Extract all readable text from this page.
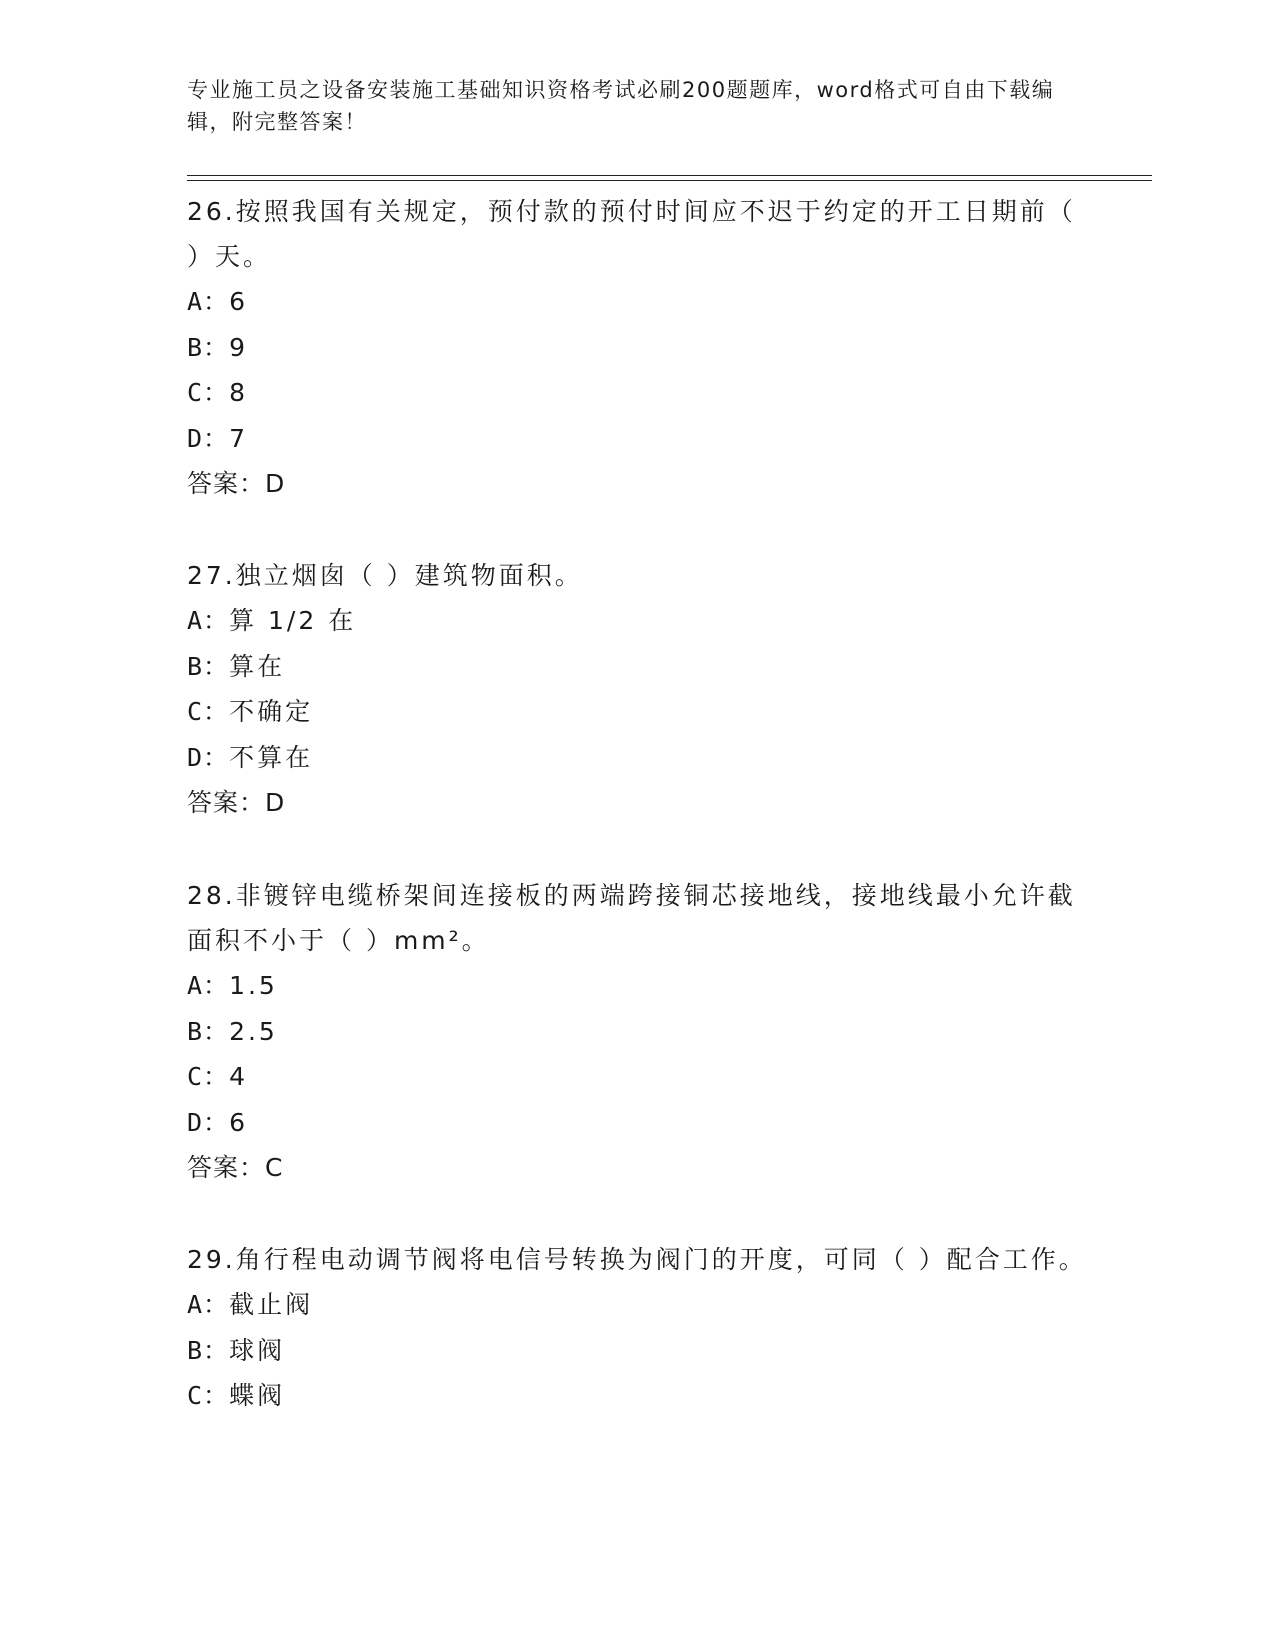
专业施工员之设备安装施工基础知识资格考试必刷200题题库，word格式可自由下载编辑，附完整答案！

26.按照我国有关规定，预付款的预付时间应不迟于约定的开工日期前（ ）天。

A：6

B：9

C：8

D：7

答案：D

27.独立烟囱（ ）建筑物面积。

A：算 1/2 在

B：算在

C：不确定

D：不算在

答案：D

28.非镀锌电缆桥架间连接板的两端跨接铜芯接地线，接地线最小允许截面积不小于（ ）mm²。

A：1.5

B：2.5

C：4

D：6

答案：C

29.角行程电动调节阀将电信号转换为阀门的开度，可同（ ）配合工作。

A：截止阀

B：球阀

C：蝶阀
